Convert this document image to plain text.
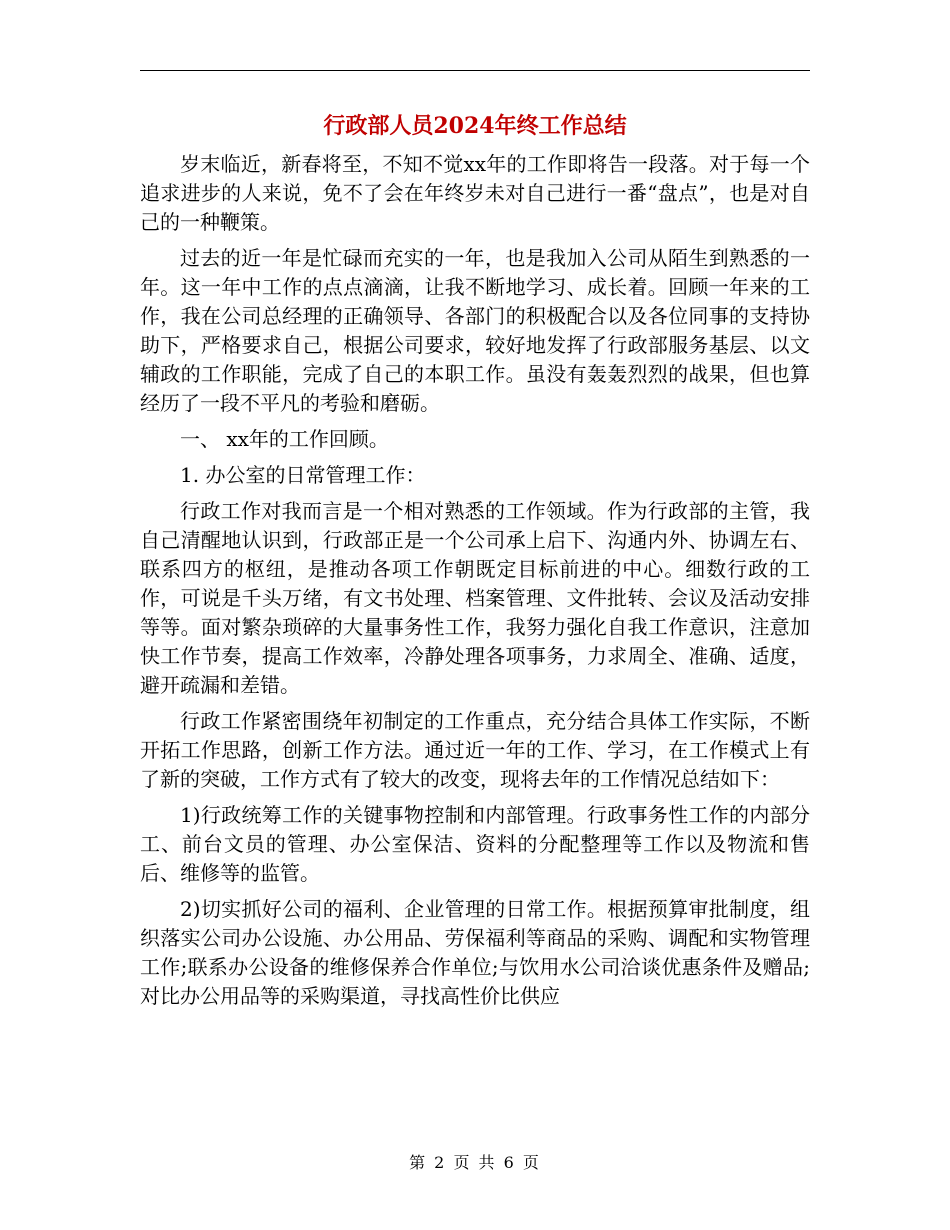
行政部人员2024年终工作总结

岁末临近，新春将至，不知不觉xx年的工作即将告一段落。对于每一个追求进步的人来说，免不了会在年终岁未对自己进行一番“盘点”，也是对自己的一种鞭策。

过去的近一年是忙碌而充实的一年，也是我加入公司从陌生到熟悉的一年。这一年中工作的点点滴滴，让我不断地学习、成长着。回顾一年来的工作，我在公司总经理的正确领导、各部门的积极配合以及各位同事的支持协助下，严格要求自己，根据公司要求，较好地发挥了行政部服务基层、以文辅政的工作职能，完成了自己的本职工作。虽没有轰轰烈烈的战果，但也算经历了一段不平凡的考验和磨砺。

一、 xx年的工作回顾。

1. 办公室的日常管理工作：

行政工作对我而言是一个相对熟悉的工作领域。作为行政部的主管，我自己清醒地认识到，行政部正是一个公司承上启下、沟通内外、协调左右、联系四方的枢纽，是推动各项工作朝既定目标前进的中心。细数行政的工作，可说是千头万绪，有文书处理、档案管理、文件批转、会议及活动安排等等。面对繁杂琐碎的大量事务性工作，我努力强化自我工作意识，注意加快工作节奏，提高工作效率，冷静处理各项事务，力求周全、准确、适度，避开疏漏和差错。

行政工作紧密围绕年初制定的工作重点，充分结合具体工作实际，不断开拓工作思路，创新工作方法。通过近一年的工作、学习，在工作模式上有了新的突破，工作方式有了较大的改变，现将去年的工作情况总结如下：

1)行政统筹工作的关键事物控制和内部管理。行政事务性工作的内部分工、前台文员的管理、办公室保洁、资料的分配整理等工作以及物流和售后、维修等的监管。

2)切实抓好公司的福利、企业管理的日常工作。根据预算审批制度，组织落实公司办公设施、办公用品、劳保福利等商品的采购、调配和实物管理工作;联系办公设备的维修保养合作单位;与饮用水公司洽谈优惠条件及赠品;对比办公用品等的采购渠道，寻找高性价比供应

第 2 页 共 6 页
